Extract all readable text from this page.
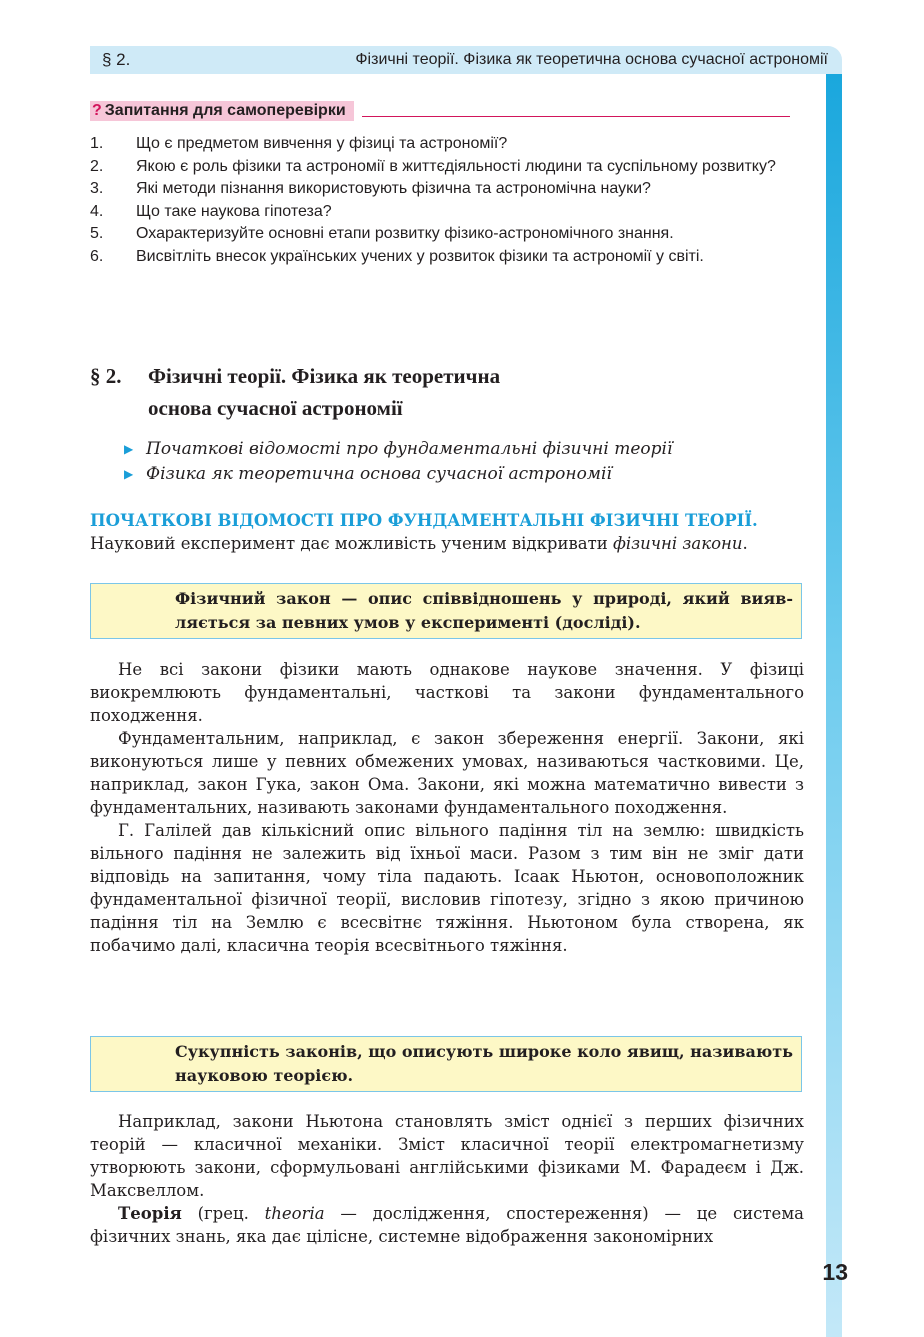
§ 2.	Фізичні теорії. Фізика як теоретична основа сучасної астрономії
? Запитання для самоперевірки
1.	Що є предметом вивчення у фізиці та астрономії?
2.	Якою є роль фізики та астрономії в життєдіяльності людини та суспільному розвитку?
3.	Які методи пізнання використовують фізична та астрономічна науки?
4.	Що таке наукова гіпотеза?
5.	Охарактеризуйте основні етапи розвитку фізико-астрономічного знання.
6.	Висвітліть внесок українських учених у розвиток фізики та астрономії у світі.
§ 2. Фізичні теорії. Фізика як теоретична
основа сучасної астрономії
▶ Початкові відомості про фундаментальні фізичні теорії
▶ Фізика як теоретична основа сучасної астрономії
ПОЧАТКОВІ ВІДОМОСТІ ПРО ФУНДАМЕНТАЛЬНІ ФІЗИЧНІ ТЕОРІЇ.

Науковий експеримент дає можливість ученим відкривати фізичні закони.

Фізичний закон — опис співвідношень у природі, який виявляється за певних умов у експерименті (досліді).

Не всі закони фізики мають однакове наукове значення. У фізиці виокремлюють фундаментальні, часткові та закони фундаментального походження.

Фундаментальним, наприклад, є закон збереження енергії. Закони, які виконуються лише у певних обмежених умовах, називаються частковими. Це, наприклад, закон Гука, закон Ома. Закони, які можна математично вивести з фундаментальних, називають законами фундаментального походження.

Г. Галілей дав кількісний опис вільного падіння тіл на землю: швидкість вільного падіння не залежить від їхньої маси. Разом з тим він не зміг дати відповідь на запитання, чому тіла падають. Ісаак Ньютон, основоположник фундаментальної фізичної теорії, висловив гіпотезу, згідно з якою причиною падіння тіл на Землю є всесвітнє тяжіння. Ньютоном була створена, як побачимо далі, класична теорія всесвітнього тяжіння.

Сукупність законів, що описують широке коло явищ, називають науковою теорією.

Наприклад, закони Ньютона становлять зміст однієї з перших фізичних теорій — класичної механіки. Зміст класичної теорії електромагнетизму утворюють закони, сформульовані англійськими фізиками М. Фарадеєм і Дж. Максвеллом.

Теорія (грец. theoria — дослідження, спостереження) — це система фізичних знань, яка дає цілісне, системне відображення закономірних

13
